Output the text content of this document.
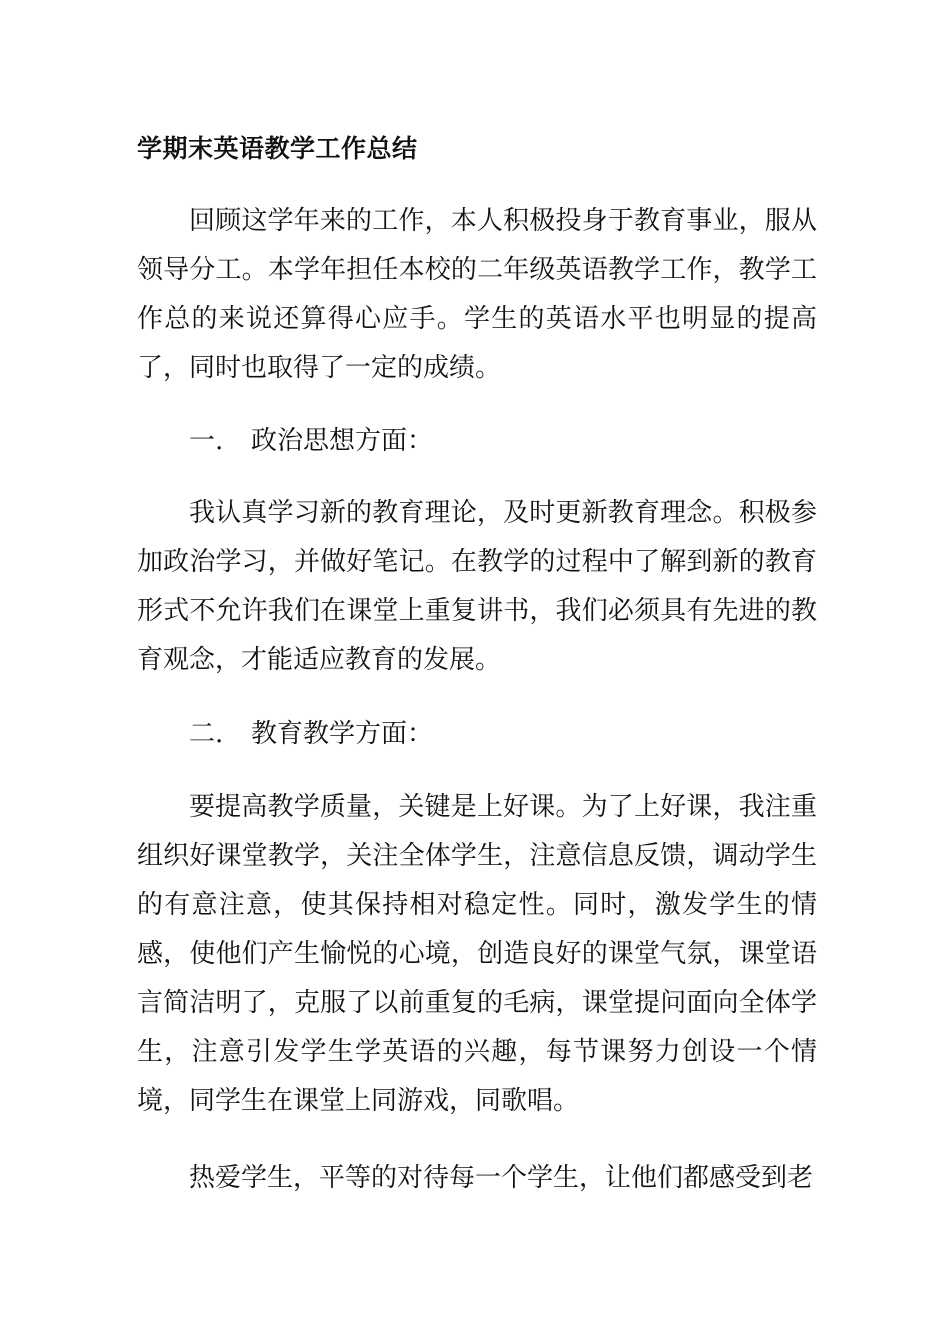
学期末英语教学工作总结

回顾这学年来的工作，本人积极投身于教育事业，服从领导分工。本学年担任本校的二年级英语教学工作，教学工作总的来说还算得心应手。学生的英语水平也明显的提高了，同时也取得了一定的成绩。

一. 政治思想方面：

我认真学习新的教育理论，及时更新教育理念。积极参加政治学习，并做好笔记。在教学的过程中了解到新的教育形式不允许我们在课堂上重复讲书，我们必须具有先进的教育观念，才能适应教育的发展。

二. 教育教学方面：

要提高教学质量，关键是上好课。为了上好课，我注重组织好课堂教学，关注全体学生，注意信息反馈，调动学生的有意注意，使其保持相对稳定性。同时，激发学生的情感，使他们产生愉悦的心境，创造良好的课堂气氛，课堂语言简洁明了，克服了以前重复的毛病，课堂提问面向全体学生，注意引发学生学英语的兴趣，每节课努力创设一个情境，同学生在课堂上同游戏，同歌唱。

热爱学生，平等的对待每一个学生，让他们都感受到老
